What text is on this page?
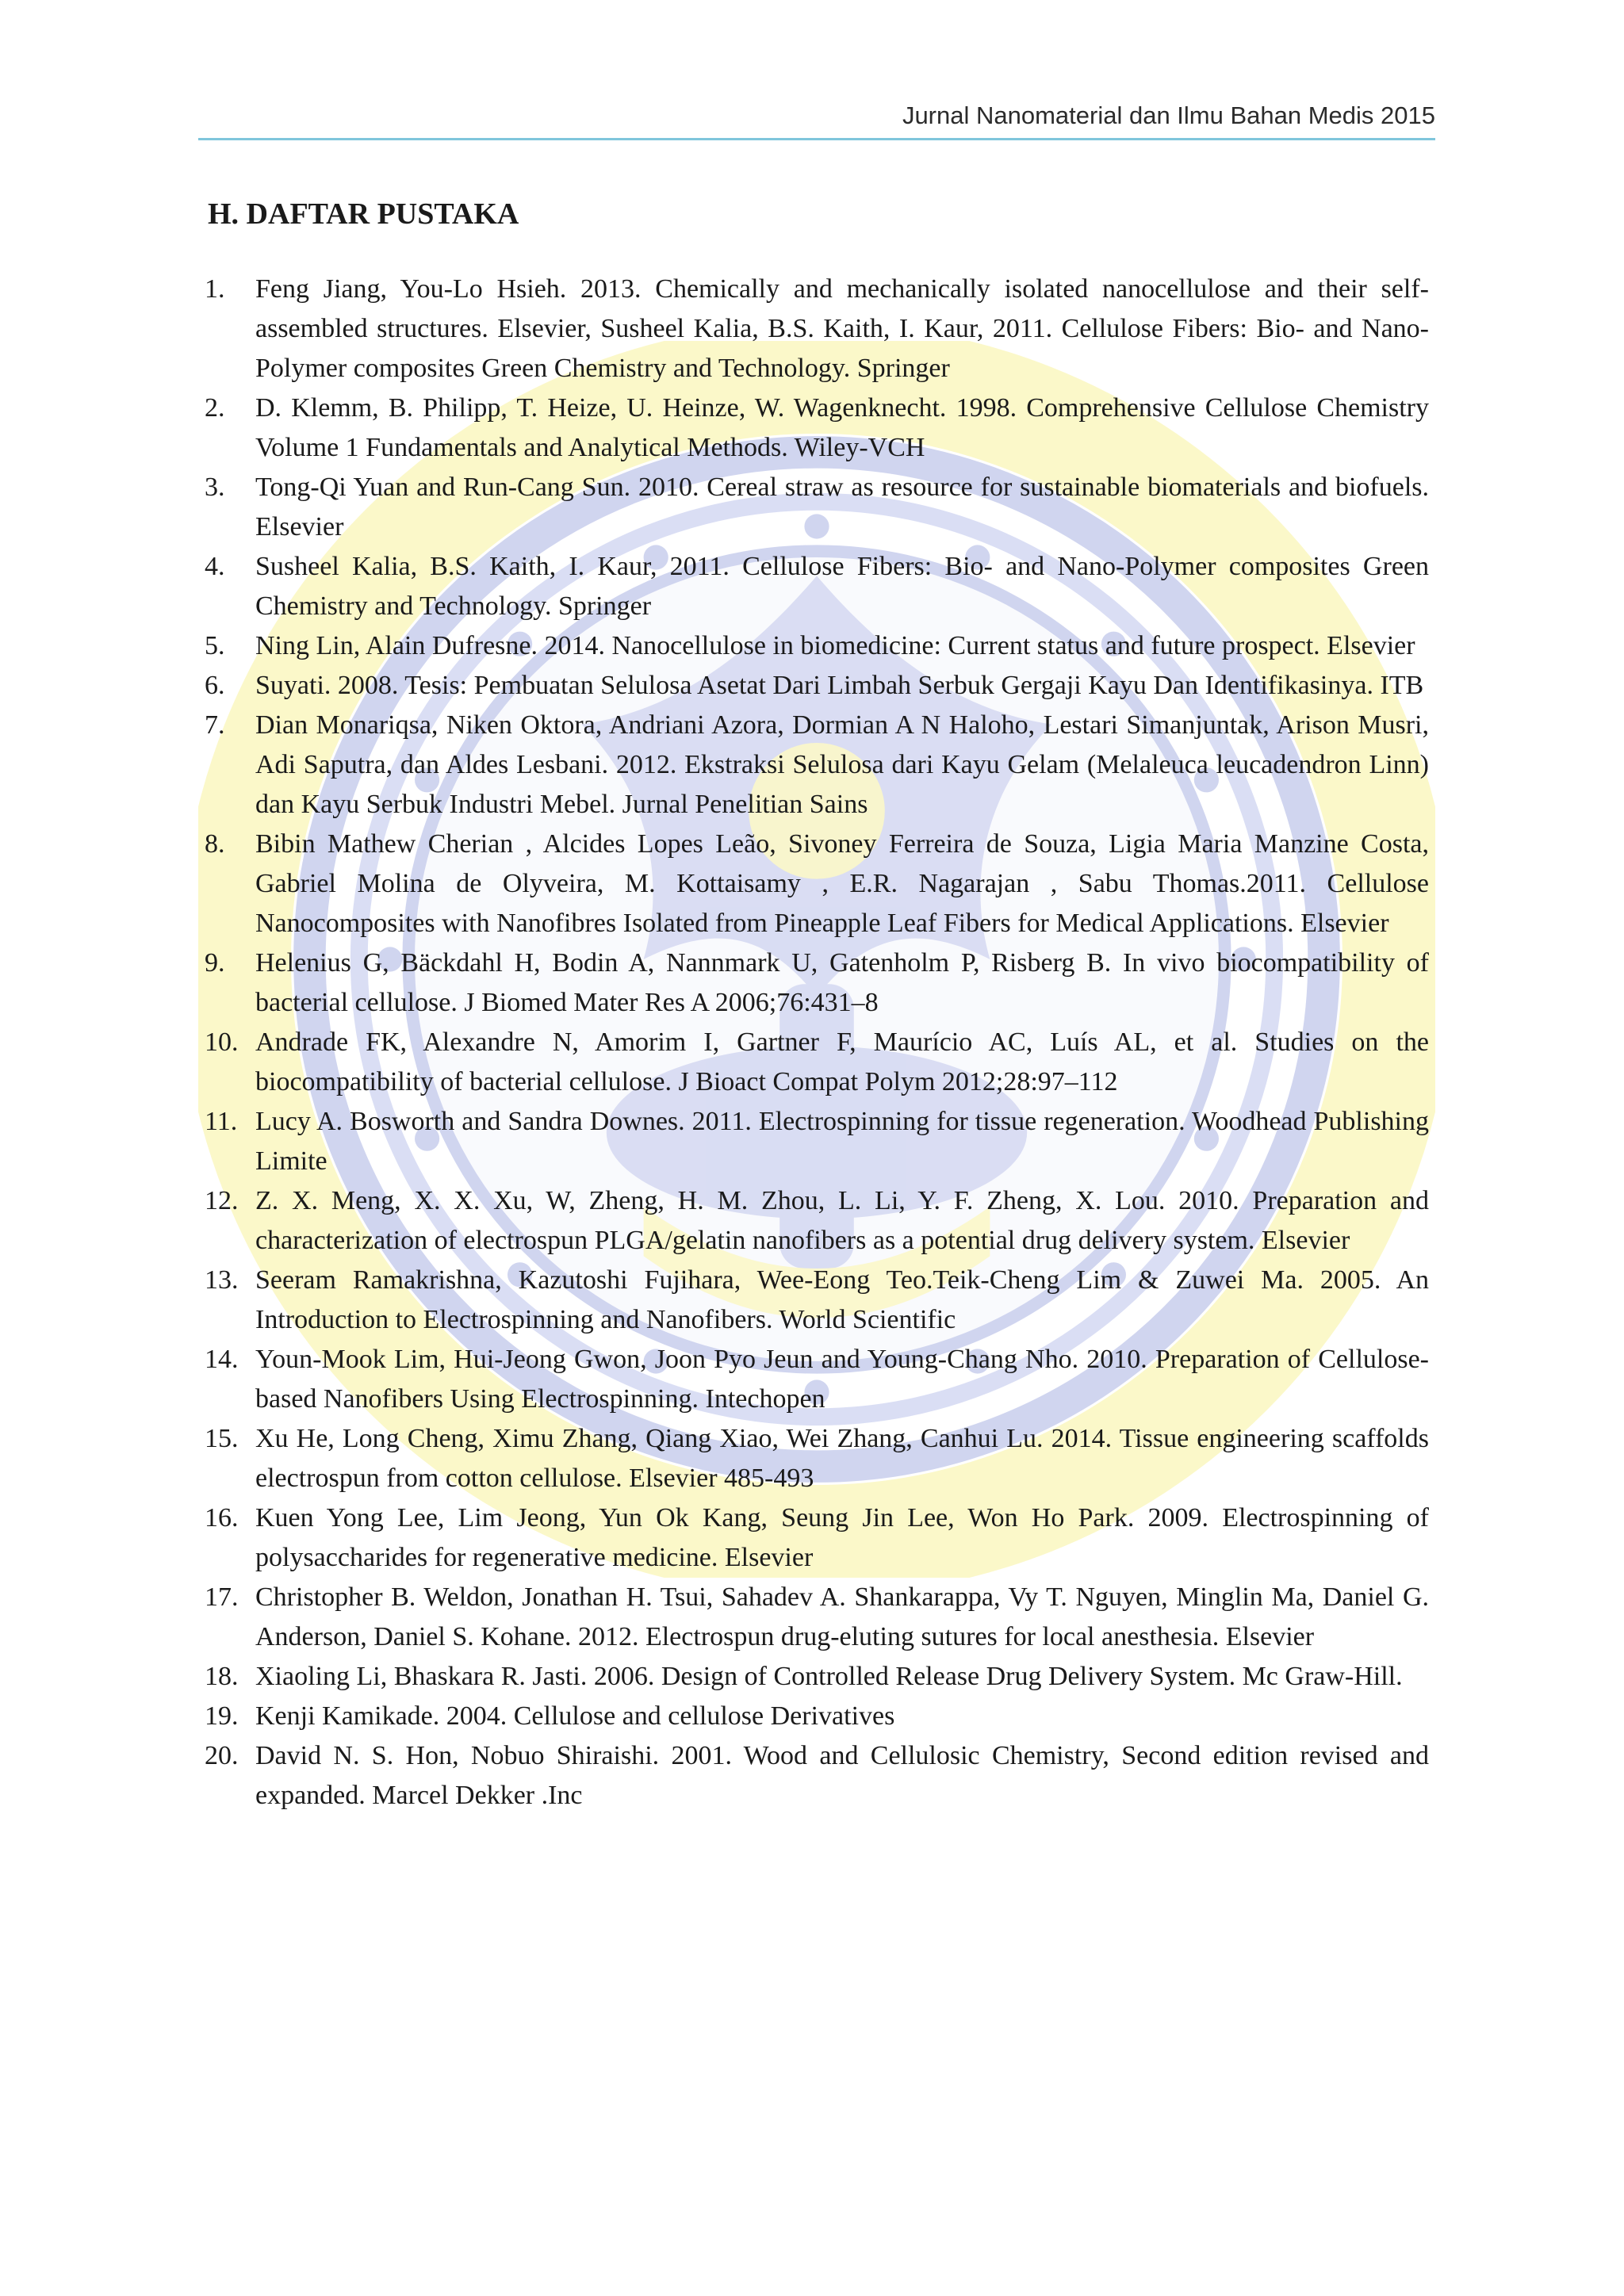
Jurnal Nanomaterial dan Ilmu Bahan Medis 2015
H. DAFTAR PUSTAKA
1.	Feng Jiang, You-Lo Hsieh. 2013. Chemically and mechanically isolated nanocellulose and their self-assembled structures. Elsevier, Susheel Kalia, B.S. Kaith, I. Kaur, 2011. Cellulose Fibers: Bio- and Nano-Polymer composites Green Chemistry and Technology. Springer
2.	D. Klemm, B. Philipp, T. Heize, U. Heinze, W. Wagenknecht. 1998. Comprehensive Cellulose Chemistry Volume 1 Fundamentals and Analytical Methods. Wiley-VCH
3.	Tong-Qi Yuan and Run-Cang Sun. 2010. Cereal straw as resource for sustainable biomaterials and biofuels. Elsevier
4.	Susheel Kalia, B.S. Kaith, I. Kaur, 2011. Cellulose Fibers: Bio- and Nano-Polymer composites Green Chemistry and Technology. Springer
5.	Ning Lin, Alain Dufresne. 2014. Nanocellulose in biomedicine: Current status and future prospect. Elsevier
6.	Suyati. 2008. Tesis: Pembuatan Selulosa Asetat Dari Limbah Serbuk Gergaji Kayu Dan Identifikasinya. ITB
7.	Dian Monariqsa, Niken Oktora, Andriani Azora, Dormian A N Haloho, Lestari Simanjuntak, Arison Musri, Adi Saputra, dan Aldes Lesbani. 2012. Ekstraksi Selulosa dari Kayu Gelam (Melaleuca leucadendron Linn) dan Kayu Serbuk Industri Mebel. Jurnal Penelitian Sains
8.	Bibin Mathew Cherian , Alcides Lopes Leão, Sivoney Ferreira de Souza, Ligia Maria Manzine Costa, Gabriel Molina de Olyveira, M. Kottaisamy , E.R. Nagarajan , Sabu Thomas.2011. Cellulose Nanocomposites with Nanofibres Isolated from Pineapple Leaf Fibers for Medical Applications. Elsevier
9.	Helenius G, Bäckdahl H, Bodin A, Nannmark U, Gatenholm P, Risberg B. In vivo biocompatibility of bacterial cellulose. J Biomed Mater Res A 2006;76:431–8
10. Andrade FK, Alexandre N, Amorim I, Gartner F, Maurício AC, Luís AL, et al. Studies on the biocompatibility of bacterial cellulose. J Bioact Compat Polym 2012;28:97–112
11. Lucy A. Bosworth and Sandra Downes. 2011. Electrospinning for tissue regeneration. Woodhead Publishing Limite
12. Z. X. Meng, X. X. Xu, W, Zheng, H. M. Zhou, L. Li, Y. F. Zheng, X. Lou. 2010. Preparation and characterization of electrospun PLGA/gelatin nanofibers as a potential drug delivery system. Elsevier
13. Seeram Ramakrishna, Kazutoshi Fujihara, Wee-Eong Teo.Teik-Cheng Lim & Zuwei Ma. 2005. An Introduction to Electrospinning and Nanofibers. World Scientific
14. Youn-Mook Lim, Hui-Jeong Gwon, Joon Pyo Jeun and Young-Chang Nho. 2010. Preparation of Cellulose-based Nanofibers Using Electrospinning. Intechopen
15. Xu He, Long Cheng, Ximu Zhang, Qiang Xiao, Wei Zhang, Canhui Lu. 2014. Tissue engineering scaffolds electrospun from cotton cellulose. Elsevier 485-493
16. Kuen Yong Lee, Lim Jeong, Yun Ok Kang, Seung Jin Lee, Won Ho Park. 2009. Electrospinning of polysaccharides for regenerative medicine. Elsevier
17. Christopher B. Weldon, Jonathan H. Tsui, Sahadev A. Shankarappa, Vy T. Nguyen, Minglin Ma, Daniel G. Anderson, Daniel S. Kohane. 2012. Electrospun drug-eluting sutures for local anesthesia. Elsevier
18. Xiaoling Li, Bhaskara R. Jasti. 2006. Design of Controlled Release Drug Delivery System. Mc Graw-Hill.
19. Kenji Kamikade. 2004. Cellulose and cellulose Derivatives
20. David N. S. Hon, Nobuo Shiraishi. 2001. Wood and Cellulosic Chemistry, Second edition revised and expanded. Marcel Dekker .Inc
